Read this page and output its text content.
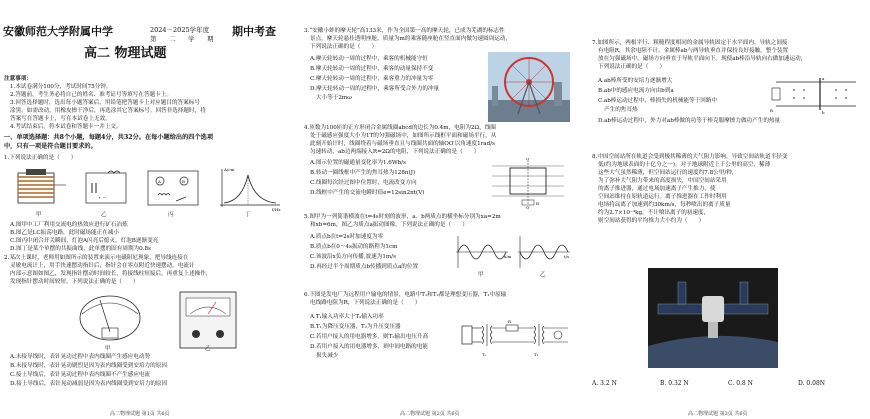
安徽师范大学附属中学	2024－2025学年度
第　二　学　期
期中考查
高二 物理试题
注意事项：
1.本试卷满分100分，考试时间75分钟。
2.答题前，考生务必将自己的姓名、准考证号等填写在答题卡上。
3.回答选择题时，选出每小题答案后，用铅笔把答题卡上对应题目的答案标号
涂黑。如需改动，用橡皮擦干净后，再选涂其它答案标号。回答非选择题时，将
答案写在答题卡上，写在本试卷上无效。
4.考试结束后，将本试卷和答题卡一并上交。
一、单项选择题：共8个小题，每题4分，共32分。在每小题给出的四个选项
中，只有一项是符合题目要求的。
1.下列说法正确的是（　　）
+ −
A	B
f/Hz
A/cm
甲	乙	丙	丁
A.图甲中工厂利用交流电的热效应进行矿石冶炼
B.图乙是LC振荡电路，此时磁场能正在减小
C.图丙中闭合开关瞬间，灯泡A闪亮后熄灭，灯泡B逐渐变亮
D.图丁是某个单摆的共振曲线，此单摆的固有周期为0.8s
2.某次上课时，老师用如图所示的装置来演示电磁阻尼现象，把导线连接在
灵敏电流计上，用手快速摆动指针后，指针会在零点附近快速摆动。电流计
内部示意图如图乙，发现指针摆动时间较长，将接线柱短接后，再重复上述操作，
发现指针摆动时间较短。下列说法正确的是（　　）
甲	乙
A.未接导线时，表针晃动过程中表内线圈产生感应电动势
B.未接导线时，表针晃动剧烈是因为表内线圈受到安培力的原因
C.接上导线后，表针晃动过程中表内线圈不产生感应电流
D.接上导线后，表针晃动减弱是因为表内线圈受到安培力的原因
高二物理试题 第1页 共6页
3.“安徽小蚌的摩天轮”高133米，作为全国第一高的摩天轮，已成为芜湖的标志性
景点。摩天轮悬挂透明座舱，质量为m的乘客随座舱在竖直面内做匀速圆周运动，
下列说法正确的是（　　）
A.摩天轮转动一周的过程中，乘客的机械能守恒
B.摩天轮转动一周的过程中，乘客的动量保持不变
C.摩天轮转动一周的过程中，乘客重力的冲量为零
D.摩天轮转动一周的过程中，乘客所受合外力的冲量
大小等于2mω
4.匝数为100匝的正方形闭合金属线圈abcd的边长为0.4m，电阻为2Ω，线圈
处于磁感应强度大小为1T的匀强磁场中，如图所示线框平面和磁场平行，从
此刻开始计时，线圈绕着与磁场垂直且与线圈共面的轴OO′以角速度1rad/s
匀速转动，ab边两端接入R=2Ω的电阻，下列说法正确的是（　　）
A.图示位置的磁通量变化率为1.6Wb/s
B.转动一圈线框中产生的焦耳热为128π(J)
C.线圈每次经过图中位置时，电流改变方向
D.线框中产生的交流电瞬时值e=12sin2πt(V)
O
O′
R
5.图甲为一列简谐横波在t=4s时刻的波形，a、b两质点的横坐标分别为xa=2m
和xb=6m，图乙为质点a振动图像。下列说法正确的是（　　）
A.质点b在t=2s时加速度为零
B.质点b在0～4s振动的路程为1cm
C.该波沿x负方向传播,波速为1m/s
D.再经过半个周期质点b传播到质点a的位置
x/m	t/s
甲	乙
6.下图是发电厂为远程用户输电的情景，电路中T₁和T₂都是理想变压器，T₁中原输
电线路电阻为R，下列说法正确的是（　　）
A.T₁输入功率大于T₂输入功率
B.T₁为降压变压器，T₂为升压变压器
C.若用户接入的用电器增多，则T₂输出电压升高
D.若用户接入的用电器增多，则中间电路的电能
损失减少	T₁	T₂
R
高二物理试题 第2页 共6页
7.如图所示，两根平行、粗糙程度相同的金属导轨固定于水平面内，导轨之间接
有电阻R，其余电阻不计。金属棒ab与两导轨垂直并保持良好接触，整个装置
放在匀强磁场中，磁场方向垂直于导轨平面向下。现使ab棒沿导轨向右做加速运动，
下列说法正确的是（　　）
A.ab棒所受的安培力逐渐增大
B.ab中的感应电流方向由b到a
C.ab棒运动过程中，棒损失的机械能等于回路中
产生的焦耳热
D.ab棒运动过程中，外力对ab棒做的功等于棒克服摩擦力做功产生的热量
R
a
b
8.中国空间站所在轨道会受到极其稀薄的大气阻力影响，导致空间站轨道半径变
低(约为地球表面的十亿分之一)，对于地球附近上千公里的高空，稀薄
这些大气虽然稀薄，但空间站运行的速度约7.8公里/秒，
为了弥补大气阻力带来的高度损失，中国空间站采用
的离子推进器，通过电场加速离子产生推力，使
空间站维持在原轨道运行。离子推进器在工作时利用
电场将氙离子加速到约30km/s，每秒喷出的离子质量
约为2.7×10⁻⁴kg，不计喷出离子的初速度，
则空间站获得的平均推力大小约为（　　）
A. 3.2 N	B. 0.32 N	C. 0.8 N	D. 0.08N
高二物理试题 第3页 共6页
